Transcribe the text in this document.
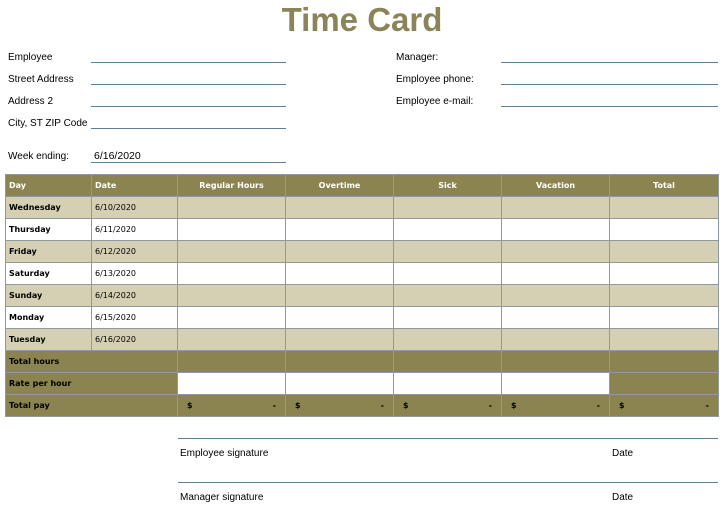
Time Card
Employee
Street Address
Address 2
City, ST ZIP Code
Week ending: 6/16/2020
Manager:
Employee phone:
Employee e-mail:
Day	Date	Regular Hours	Overtime	Sick	Vacation	Total
Wednesday	6/10/2020					
Thursday	6/11/2020					
Friday	6/12/2020					
Saturday	6/13/2020					
Sunday	6/14/2020					
Monday	6/15/2020					
Tuesday	6/16/2020					
Total hours						
Rate per hour						
Total pay		$ -	$ -	$ -	$ -	$ -
Employee signature	Date
Manager signature	Date
